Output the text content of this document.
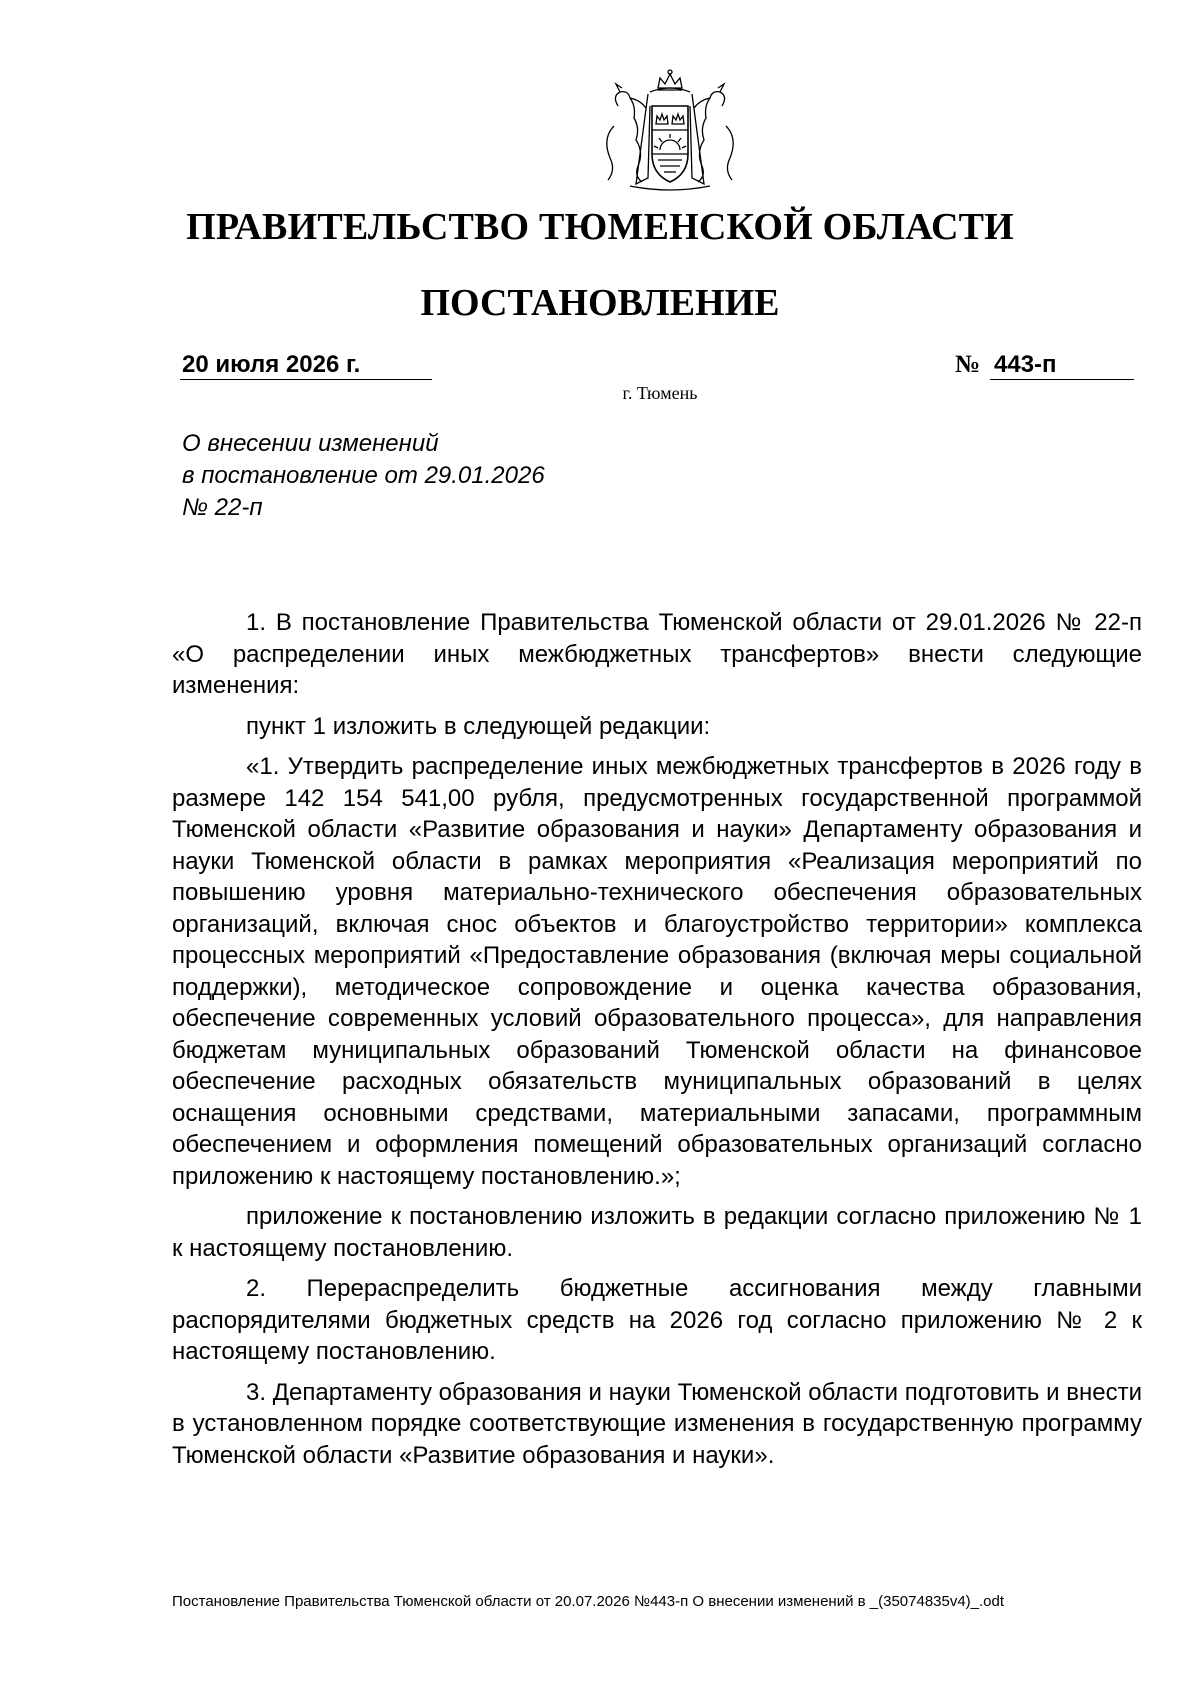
ПРАВИТЕЛЬСТВО ТЮМЕНСКОЙ ОБЛАСТИ
ПОСТАНОВЛЕНИЕ
20 июля 2026 г.	№ 443-п
г. Тюмень
О внесении изменений
в постановление от 29.01.2026
№ 22-п

1. В постановление Правительства Тюменской области от 29.01.2026 № 22-п «О распределении иных межбюджетных трансфертов» внести следующие изменения:

пункт 1 изложить в следующей редакции:

«1. Утвердить распределение иных межбюджетных трансфертов в 2026 году в размере 142 154 541,00 рубля, предусмотренных государственной программой Тюменской области «Развитие образования и науки» Департаменту образования и науки Тюменской области в рамках мероприятия «Реализация мероприятий по повышению уровня материально-технического обеспечения образовательных организаций, включая снос объектов и благоустройство территории» комплекса процессных мероприятий «Предоставление образования (включая меры социальной поддержки), методическое сопровождение и оценка качества образования, обеспечение современных условий образовательного процесса», для направления бюджетам муниципальных образований Тюменской области на финансовое обеспечение расходных обязательств муниципальных образований в целях оснащения основными средствами, материальными запасами, программным обеспечением и оформления помещений образовательных организаций согласно приложению к настоящему постановлению.»;

приложение к постановлению изложить в редакции согласно приложению № 1 к настоящему постановлению.

2. Перераспределить бюджетные ассигнования между главными распорядителями бюджетных средств на 2026 год согласно приложению № 2 к настоящему постановлению.

3. Департаменту образования и науки Тюменской области подготовить и внести в установленном порядке соответствующие изменения в государственную программу Тюменской области «Развитие образования и науки».

Постановление Правительства Тюменской области от 20.07.2026 №443-п О внесении изменений в _(35074835v4)_.odt
